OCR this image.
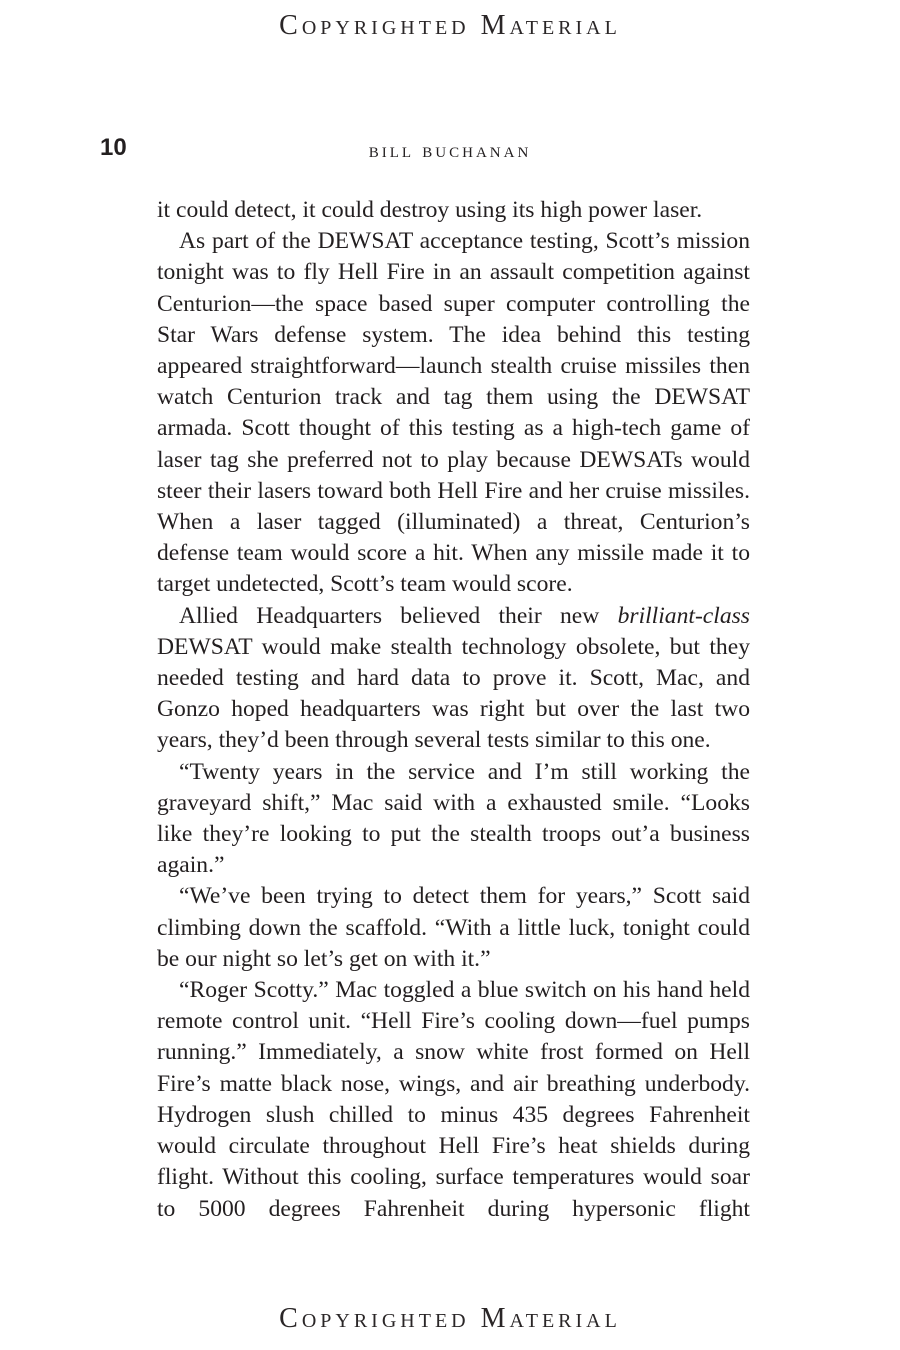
Copyrighted Material
10	bill buchanan

it could detect, it could destroy using its high power laser.

As part of the DEWSAT acceptance testing, Scott’s mission tonight was to fly Hell Fire in an assault competition against Centurion—the space based super computer controlling the Star Wars defense system. The idea behind this testing appeared straightforward—launch stealth cruise missiles then watch Centurion track and tag them using the DEWSAT armada. Scott thought of this testing as a high-tech game of laser tag she preferred not to play because DEWSATs would steer their lasers toward both Hell Fire and her cruise missiles. When a laser tagged (illuminated) a threat, Centurion’s defense team would score a hit. When any missile made it to target undetected, Scott’s team would score.

Allied Headquarters believed their new brilliant-class DEWSAT would make stealth technology obsolete, but they needed testing and hard data to prove it. Scott, Mac, and Gonzo hoped headquarters was right but over the last two years, they’d been through several tests similar to this one.

“Twenty years in the service and I’m still working the graveyard shift,” Mac said with a exhausted smile. “Looks like they’re looking to put the stealth troops out’a business again.”

“We’ve been trying to detect them for years,” Scott said climbing down the scaffold. “With a little luck, tonight could be our night so let’s get on with it.”

“Roger Scotty.” Mac toggled a blue switch on his hand held remote control unit. “Hell Fire’s cooling down—fuel pumps running.” Immediately, a snow white frost formed on Hell Fire’s matte black nose, wings, and air breathing underbody. Hydrogen slush chilled to minus 435 degrees Fahrenheit would circulate throughout Hell Fire’s heat shields during flight. Without this cooling, surface temperatures would soar to 5000 degrees Fahrenheit during hypersonic flight

Copyrighted Material
